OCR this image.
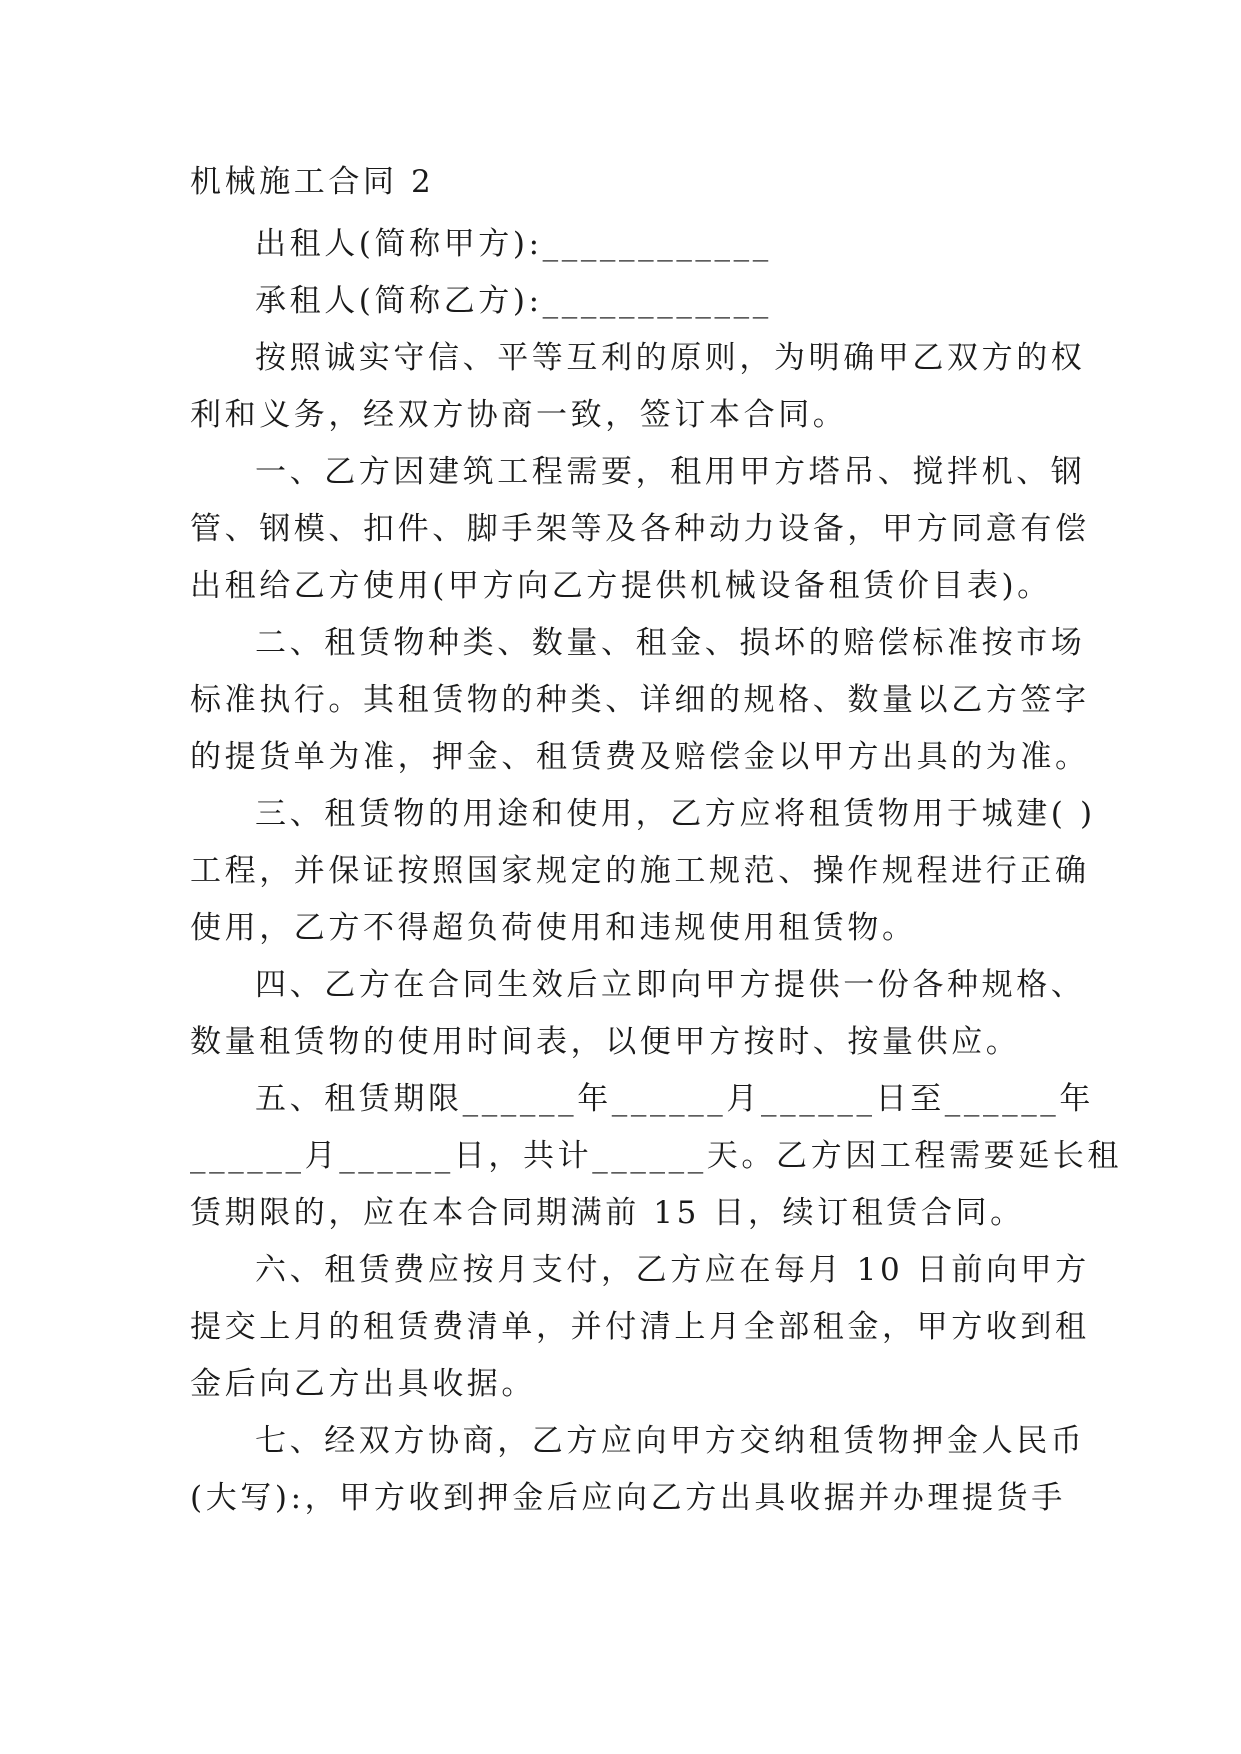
机械施工合同 2
出租人(简称甲方):____________
承租人(简称乙方):____________
按照诚实守信、平等互利的原则，为明确甲乙双方的权
利和义务，经双方协商一致，签订本合同。
一、乙方因建筑工程需要，租用甲方塔吊、搅拌机、钢
管、钢模、扣件、脚手架等及各种动力设备，甲方同意有偿
出租给乙方使用(甲方向乙方提供机械设备租赁价目表)。
二、租赁物种类、数量、租金、损坏的赔偿标准按市场
标准执行。其租赁物的种类、详细的规格、数量以乙方签字
的提货单为准，押金、租赁费及赔偿金以甲方出具的为准。
三、租赁物的用途和使用，乙方应将租赁物用于城建( )
工程，并保证按照国家规定的施工规范、操作规程进行正确
使用，乙方不得超负荷使用和违规使用租赁物。
四、乙方在合同生效后立即向甲方提供一份各种规格、
数量租赁物的使用时间表，以便甲方按时、按量供应。
五、租赁期限______年______月______日至______年
______月______日，共计______天。乙方因工程需要延长租
赁期限的，应在本合同期满前 15 日，续订租赁合同。
六、租赁费应按月支付，乙方应在每月 10 日前向甲方
提交上月的租赁费清单，并付清上月全部租金，甲方收到租
金后向乙方出具收据。
七、经双方协商，乙方应向甲方交纳租赁物押金人民币
(大写):，甲方收到押金后应向乙方出具收据并办理提货手
